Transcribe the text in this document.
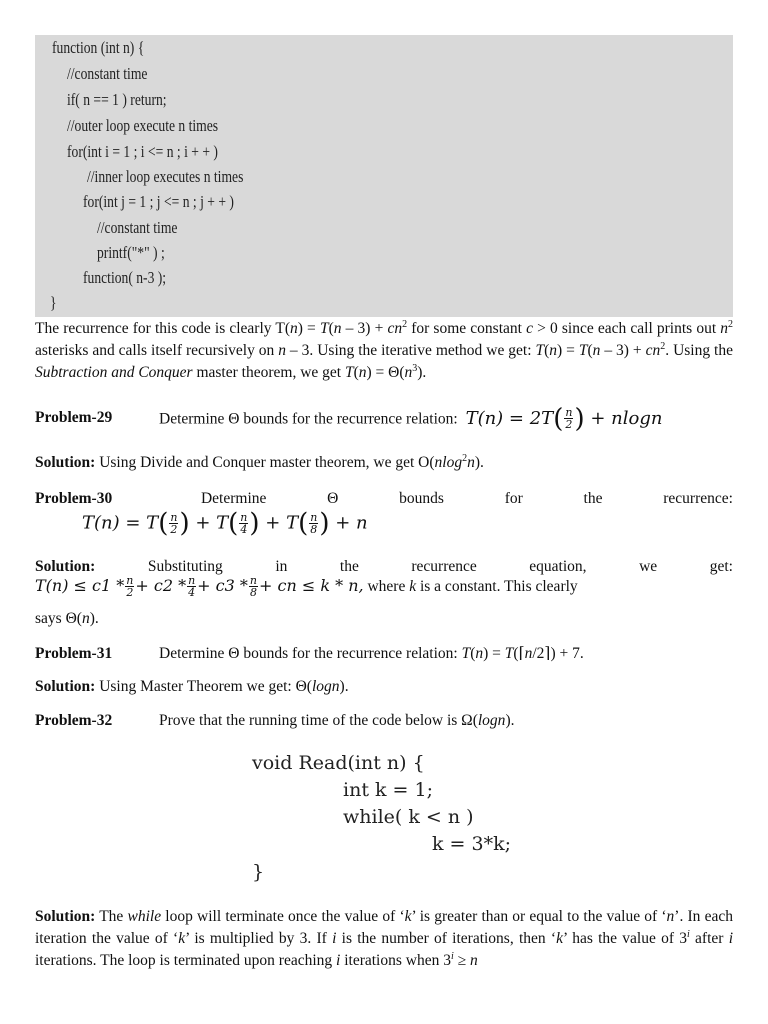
function (int n) {
//constant time
if( n == 1 ) return;
//outer loop execute n times
for(int i = 1 ; i <= n ; i + + )
//inner loop executes n times
for(int j = 1 ; j <= n ; j + + )
//constant time
printf("*" ) ;
function( n-3 );
}
The recurrence for this code is clearly $T(n) = T(n - 3) + cn^2$ for some constant c > 0 since each call prints out $n^2$ asterisks and calls itself recursively on n – 3. Using the iterative method we get: $T(n) = T(n - 3) + cn^2$. Using the Subtraction and Conquer master theorem, we get $T(n) = \Theta(n^3)$.
Problem-29	Determine Θ bounds for the recurrence relation: $T(n) = 2T( \frac{n}{2}$ ) + nlogn
Solution: Using Divide and Conquer master theorem, we get O(nlog$^2$n).
Problem-30	Determine	Θ	bounds	for	the	recurrence:
$T(n) = T( \frac{n}{2}$ ) + $T( \frac{n}{4}$ ) + $T( \frac{n}{8}$ ) + n
Solution:	Substituting	in	the	recurrence	equation,	we	get:
$T(n) \le c1 * \frac{n}{2} + c2 * \frac{n}{4} + c3 * \frac{n}{8}$ + cn ≤ k * n, where k is a constant. This clearly
says Θ(n).
Problem-31	Determine Θ bounds for the recurrence relation: T(n) = T(⌈n/2⌉) + 7.
Solution: Using Master Theorem we get: Θ(logn).
Problem-32	Prove that the running time of the code below is Ω(logn).
void Read(int n) {
int k = 1;
while( k < n )
k = 3*k;
}
Solution: The while loop will terminate once the value of ‘k’ is greater than or equal to the value of ‘n’. In each iteration the value of ‘k’ is multiplied by 3. If i is the number of iterations, then ‘k’ has the value of 3$^i$ after i iterations. The loop is terminated upon reaching i iterations when $3^i \ge n$
